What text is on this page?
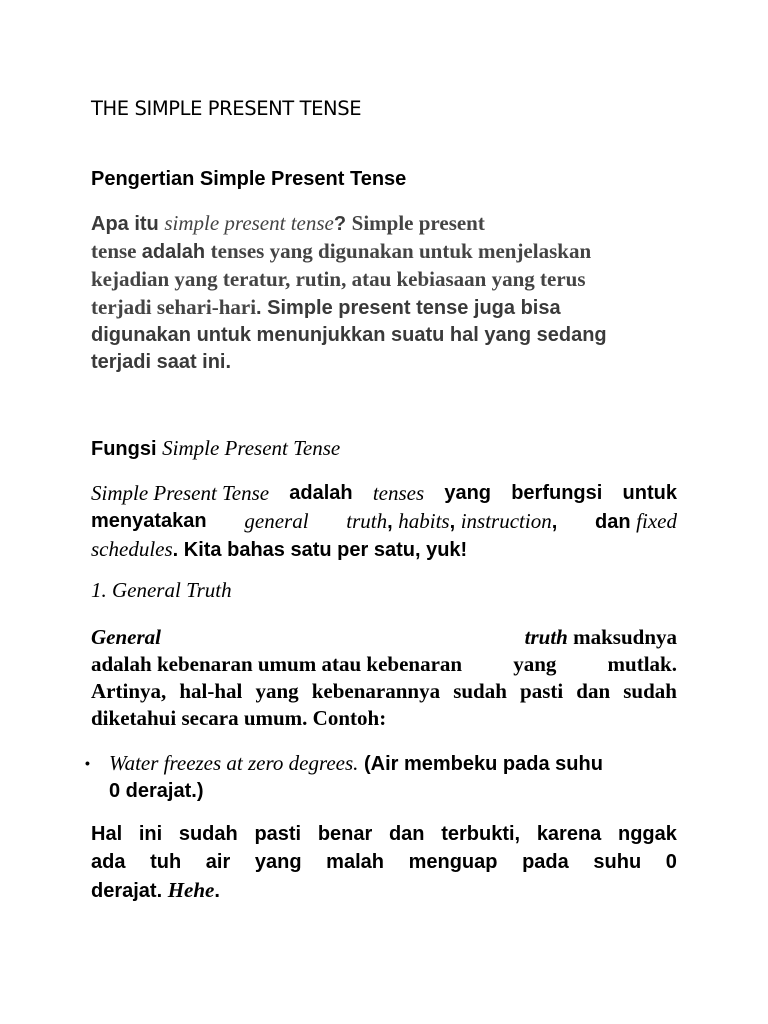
THE SIMPLE PRESENT TENSE
Pengertian Simple Present Tense
Apa itu simple present tense? Simple present
tense adalah tenses yang digunakan untuk menjelaskan
kejadian yang teratur, rutin, atau kebiasaan yang terus
terjadi sehari-hari. Simple present tense juga bisa
digunakan untuk menunjukkan suatu hal yang sedang
terjadi saat ini.
Fungsi Simple Present Tense
Simple Present Tense adalah tenses yang berfungsi untuk
menyatakan general truth, habits, instruction, dan fixed
schedules. Kita bahas satu per satu, yuk!
1. General Truth
General	truth maksudnya
adalah kebenaran umum atau kebenaran yang mutlak.
Artinya, hal-hal yang kebenarannya sudah pasti dan sudah
diketahui secara umum. Contoh:
• Water freezes at zero degrees. (Air membeku pada suhu
0 derajat.)
Hal ini sudah pasti benar dan terbukti, karena nggak
ada tuh air yang malah menguap pada suhu 0
derajat. Hehe.
